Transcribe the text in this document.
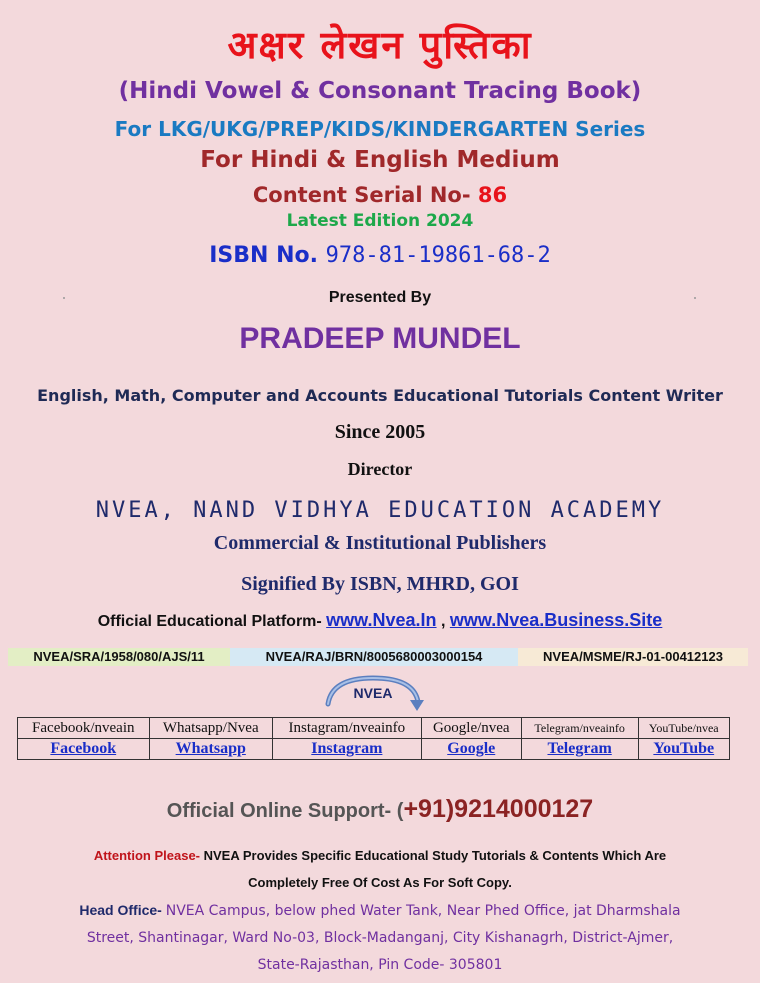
अक्षर लेखन पुस्तिका
(Hindi Vowel & Consonant Tracing Book)
For LKG/UKG/PREP/KIDS/KINDERGARTEN Series
For Hindi & English Medium
Content Serial No- 86
Latest Edition 2024
ISBN No. 978-81-19861-68-2
Presented By
PRADEEP MUNDEL
English, Math, Computer and Accounts Educational Tutorials Content Writer
Since 2005
Director
NVEA, NAND VIDHYA EDUCATION ACADEMY
Commercial & Institutional Publishers
Signified By ISBN, MHRD, GOI
Official Educational Platform- www.Nvea.In , www.Nvea.Business.Site
NVEA/SRA/1958/080/AJS/11	NVEA/RAJ/BRN/8005680003000154	NVEA/MSME/RJ-01-00412123
NVEA
Facebook/nveain	Whatsapp/Nvea	Instagram/nveainfo	Google/nvea	Telegram/nveainfo	YouTube/nvea
Facebook	Whatsapp	Instagram	Google	Telegram	YouTube
Official Online Support- (+91)9214000127
Attention Please- NVEA Provides Specific Educational Study Tutorials & Contents Which Are
Completely Free Of Cost As For Soft Copy.
Head Office- NVEA Campus, below phed Water Tank, Near Phed Office, jat Dharmshala
Street, Shantinagar, Ward No-03, Block-Madanganj, City Kishanagrh, District-Ajmer,
State-Rajasthan, Pin Code- 305801
